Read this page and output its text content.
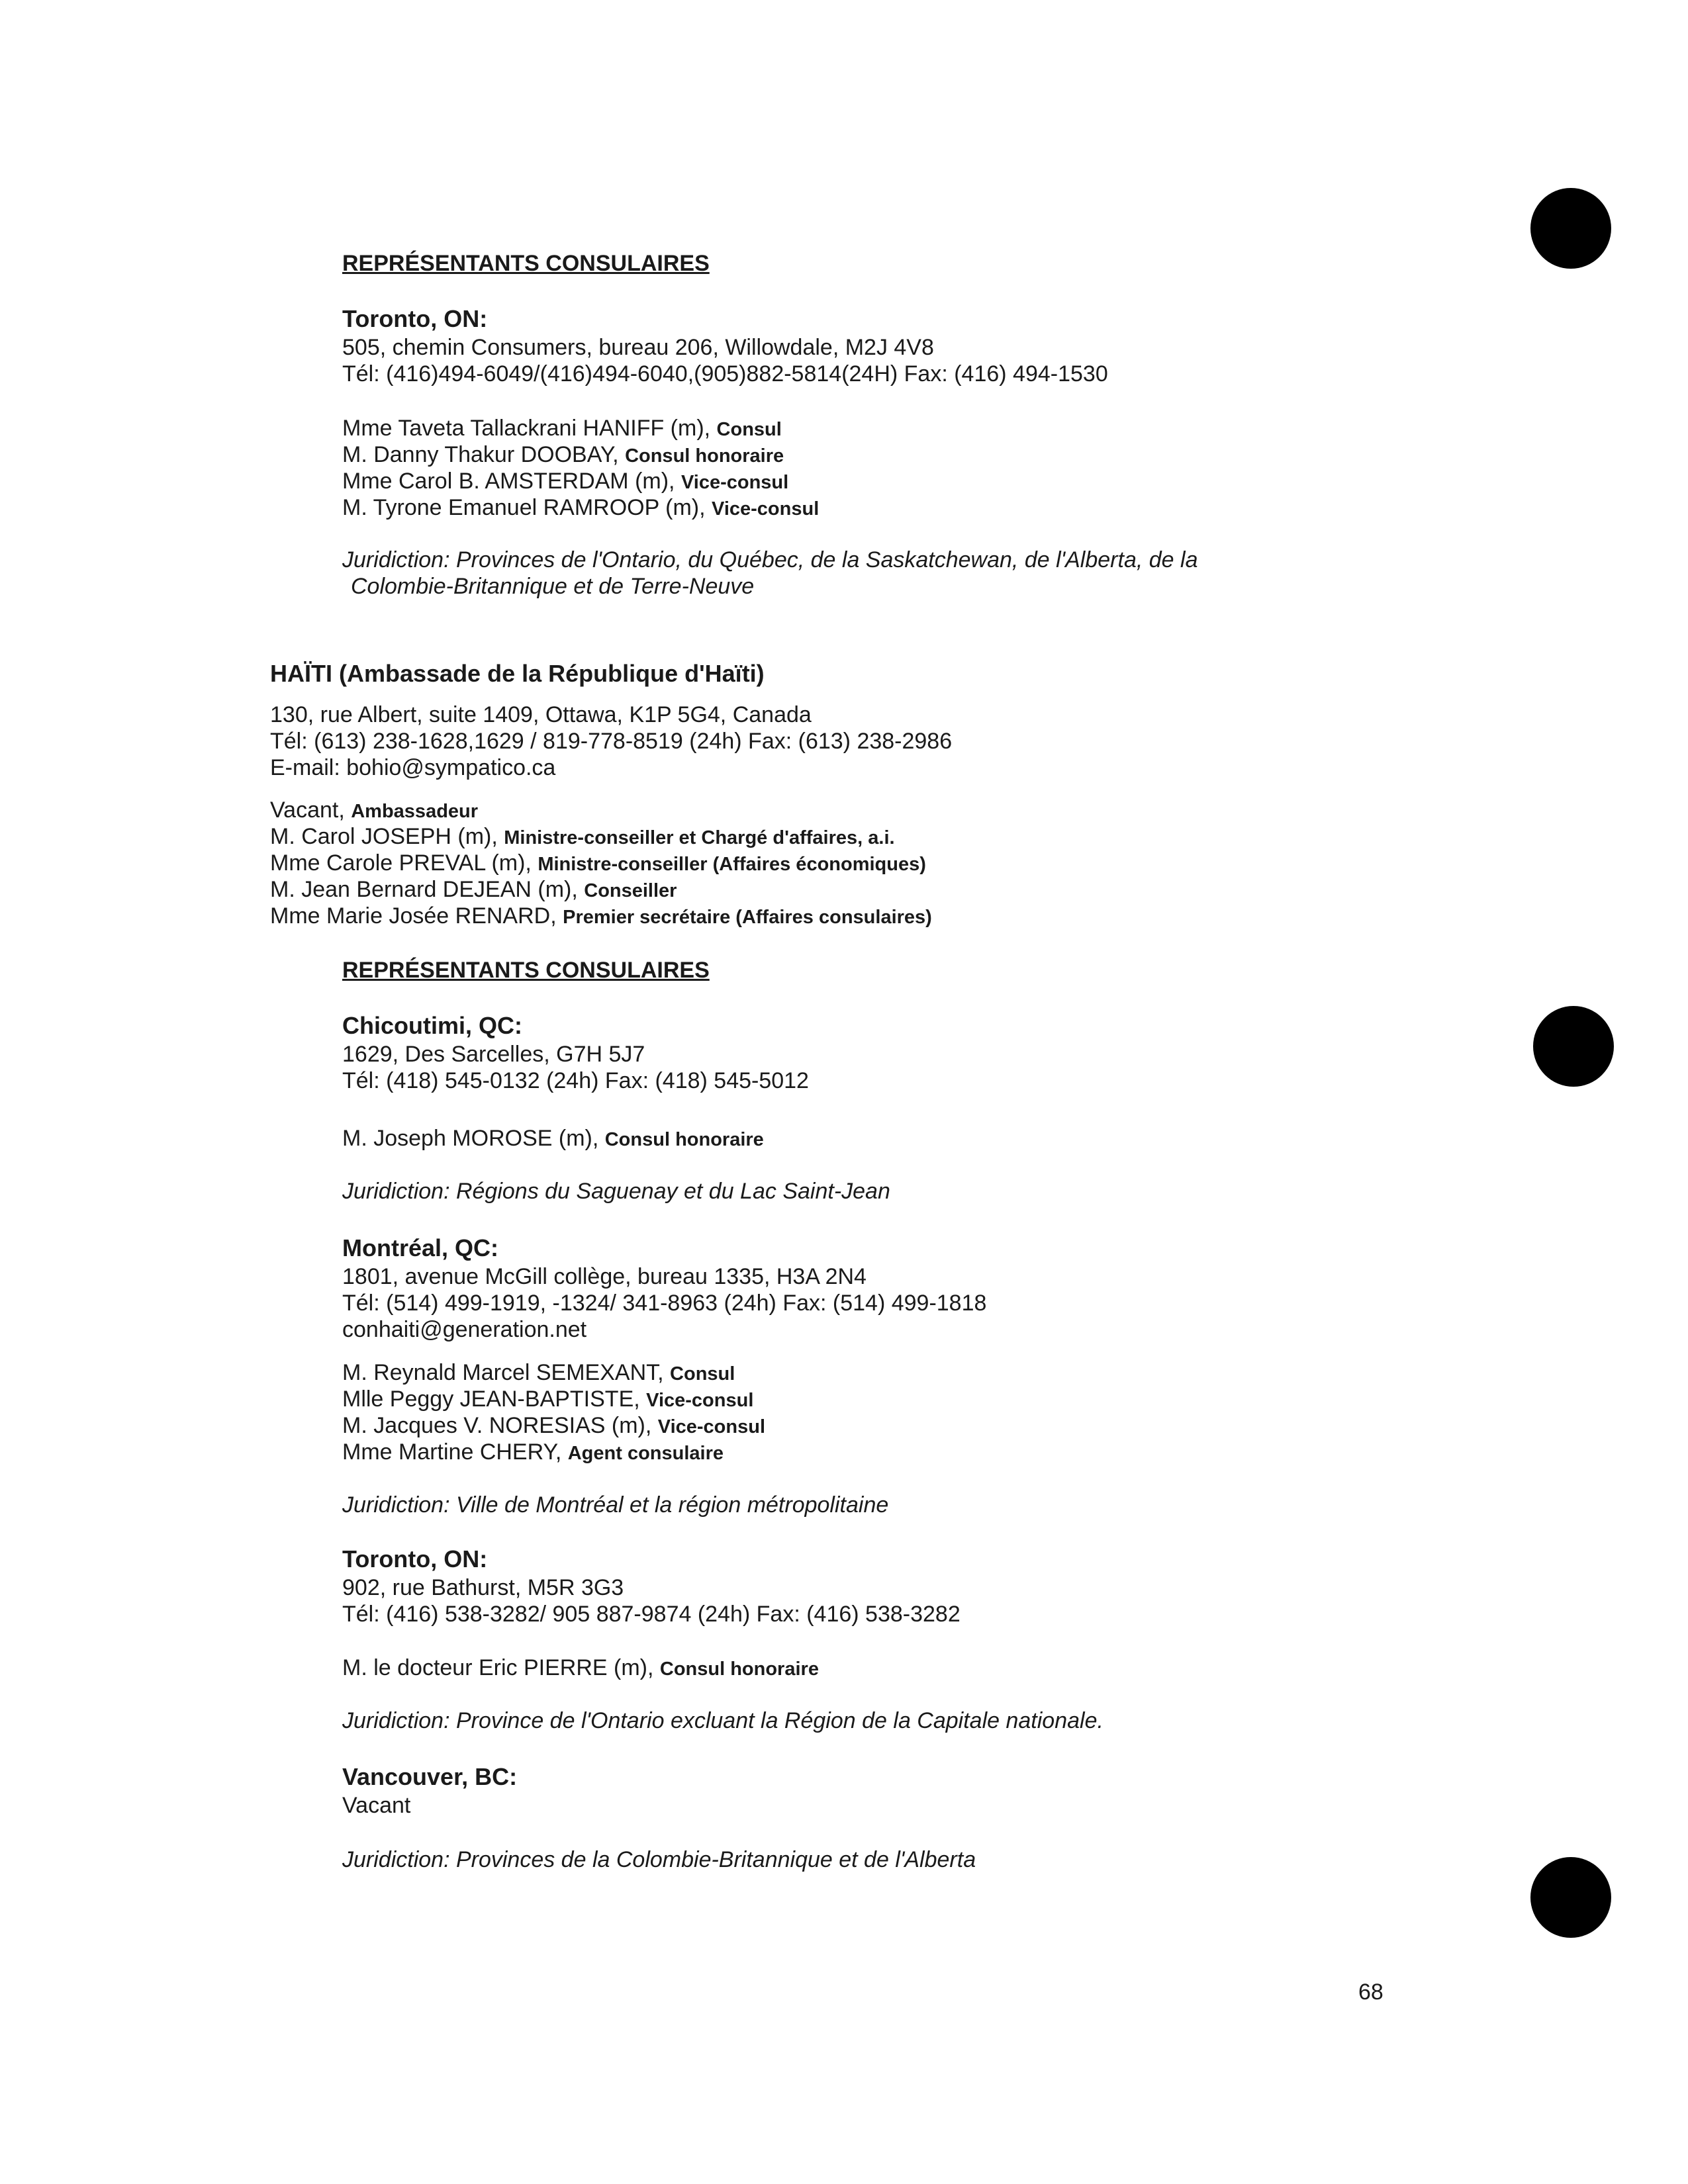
REPRÉSENTANTS CONSULAIRES
Toronto, ON:
505, chemin Consumers, bureau 206, Willowdale, M2J 4V8
Tél: (416)494-6049/(416)494-6040,(905)882-5814(24H) Fax: (416) 494-1530
Mme Taveta Tallackrani HANIFF (m), Consul
M. Danny Thakur DOOBAY, Consul honoraire
Mme Carol B. AMSTERDAM (m), Vice-consul
M. Tyrone Emanuel RAMROOP (m), Vice-consul
Juridiction: Provinces de l'Ontario, du Québec, de la Saskatchewan, de l'Alberta, de la
Colombie-Britannique et de Terre-Neuve
HAÏTI (Ambassade de la République d'Haïti)
130, rue Albert, suite 1409, Ottawa, K1P 5G4, Canada
Tél: (613) 238-1628,1629 / 819-778-8519 (24h) Fax: (613) 238-2986
E-mail: bohio@sympatico.ca
Vacant, Ambassadeur
M. Carol JOSEPH (m), Ministre-conseiller et Chargé d'affaires, a.i.
Mme Carole PREVAL (m), Ministre-conseiller (Affaires économiques)
M. Jean Bernard DEJEAN (m), Conseiller
Mme Marie Josée RENARD, Premier secrétaire (Affaires consulaires)
REPRÉSENTANTS CONSULAIRES
Chicoutimi, QC:
1629, Des Sarcelles, G7H 5J7
Tél: (418) 545-0132 (24h) Fax: (418) 545-5012
M. Joseph MOROSE (m), Consul honoraire
Juridiction: Régions du Saguenay et du Lac Saint-Jean
Montréal, QC:
1801, avenue McGill collège, bureau 1335, H3A 2N4
Tél: (514) 499-1919, -1324/ 341-8963 (24h) Fax: (514) 499-1818
conhaiti@generation.net
M. Reynald Marcel SEMEXANT, Consul
Mlle Peggy JEAN-BAPTISTE, Vice-consul
M. Jacques V. NORESIAS (m), Vice-consul
Mme Martine CHERY, Agent consulaire
Juridiction: Ville de Montréal et la région métropolitaine
Toronto, ON:
902, rue Bathurst, M5R 3G3
Tél: (416) 538-3282/ 905 887-9874 (24h) Fax: (416) 538-3282
M. le docteur Eric PIERRE (m), Consul honoraire
Juridiction: Province de l'Ontario excluant la Région de la Capitale nationale.
Vancouver, BC:
Vacant
Juridiction: Provinces de la Colombie-Britannique et de l'Alberta
68
